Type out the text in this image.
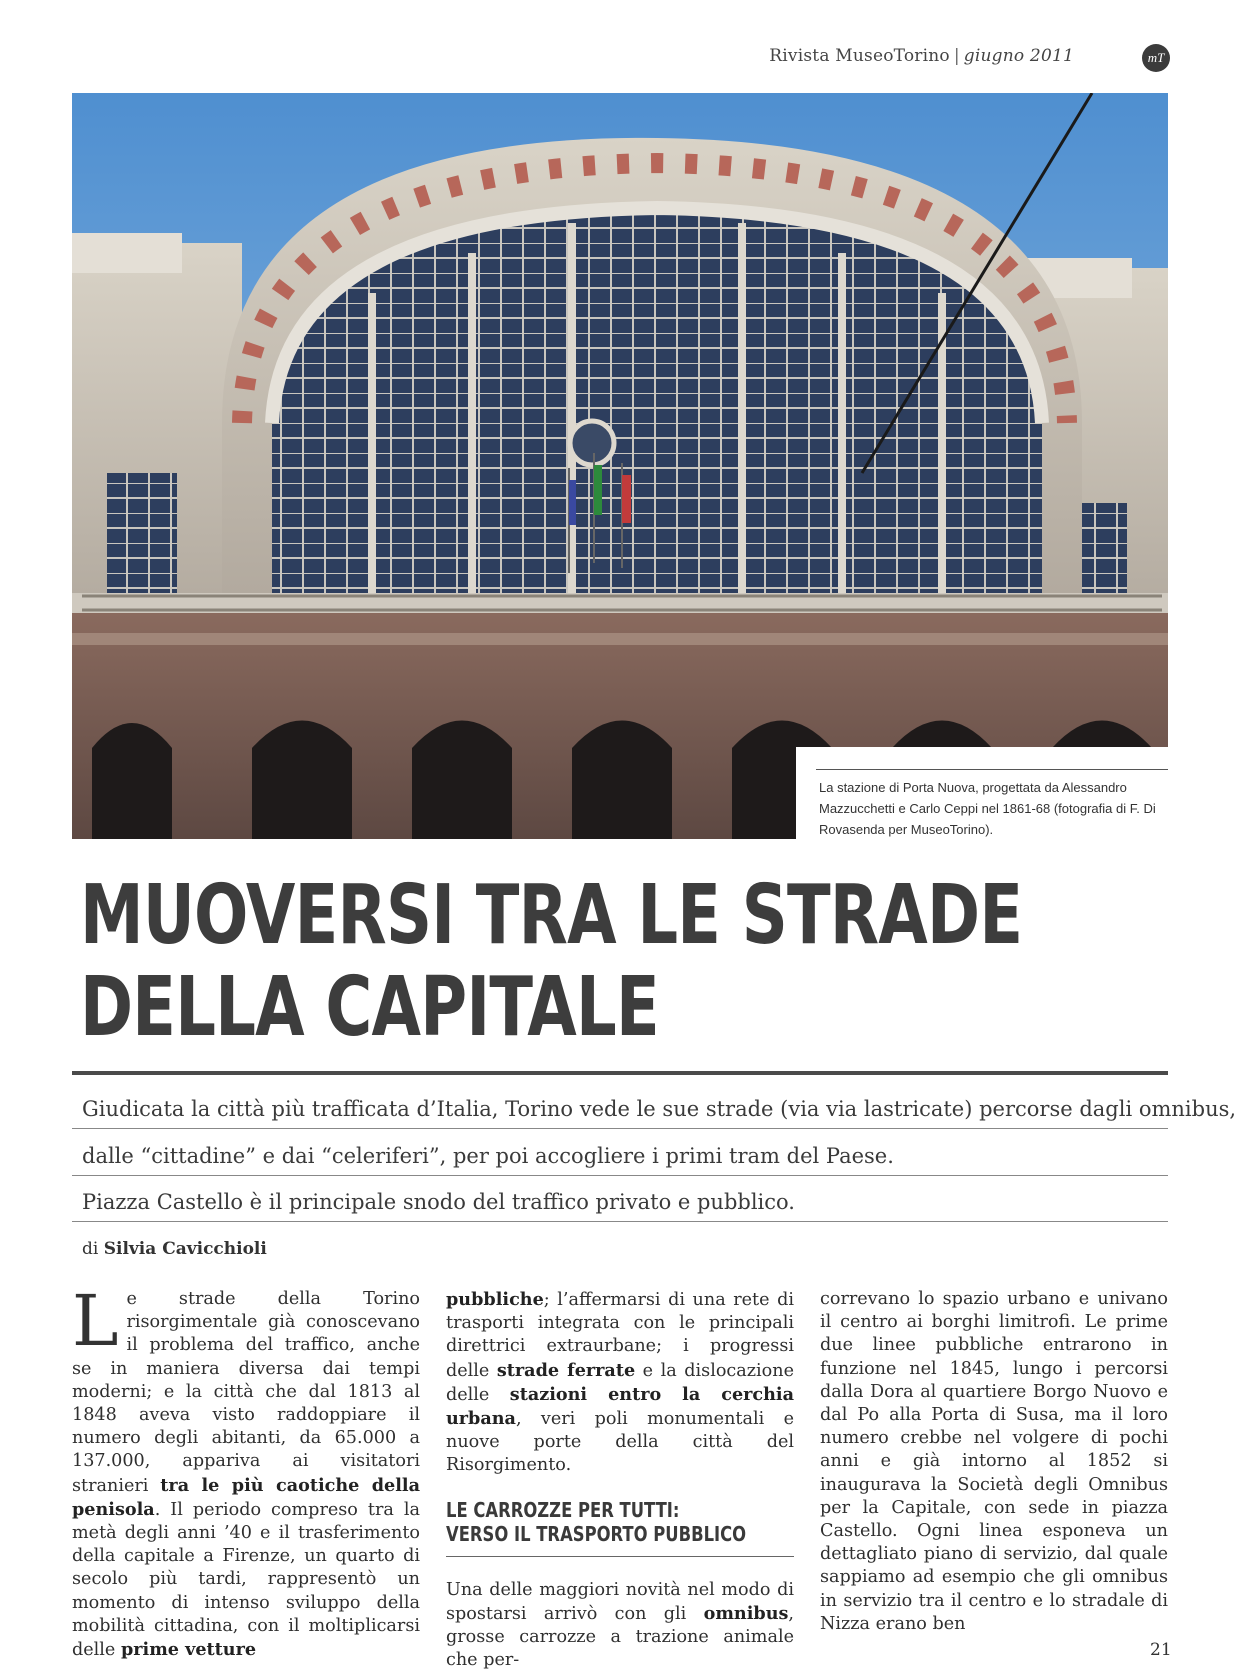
Rivista MuseoTorino | giugno 2011	mT
La stazione di Porta Nuova, progettata da Alessandro Mazzucchetti e Carlo Ceppi nel 1861-68 (fotografia di F. Di Rovasenda per MuseoTorino).
MUOVERSI TRA LE STRADE
DELLA CAPITALE
Giudicata la città più trafficata d’Italia, Torino vede le sue strade (via via lastricate) percorse dagli omnibus,
dalle “cittadine” e dai “celeriferi”, per poi accogliere i primi tram del Paese.
Piazza Castello è il principale snodo del traffico privato e pubblico.
di Silvia Cavicchioli

Le strade della Torino risorgimentale già conoscevano il problema del traffico, anche se in maniera diversa dai tempi moderni; e la città che dal 1813 al 1848 aveva visto raddoppiare il numero degli abitanti, da 65.000 a 137.000, appariva ai visitatori stranieri tra le più caotiche della penisola. Il periodo compreso tra la metà degli anni ’40 e il trasferimento della capitale a Firenze, un quarto di secolo più tardi, rappresentò un momento di intenso sviluppo della mobilità cittadina, con il moltiplicarsi delle prime vetture

pubbliche; l’affermarsi di una rete di trasporti integrata con le principali direttrici extraurbane; i progressi delle strade ferrate e la dislocazione delle stazioni entro la cerchia urbana, veri poli monumentali e nuove porte della città del Risorgimento.

LE CARROZZE PER TUTTI:
VERSO IL TRASPORTO PUBBLICO

Una delle maggiori novità nel modo di spostarsi arrivò con gli omnibus, grosse carrozze a trazione animale che per-

correvano lo spazio urbano e univano il centro ai borghi limitrofi. Le prime due linee pubbliche entrarono in funzione nel 1845, lungo i percorsi dalla Dora al quartiere Borgo Nuovo e dal Po alla Porta di Susa, ma il loro numero crebbe nel volgere di pochi anni e già intorno al 1852 si inaugurava la Società degli Omnibus per la Capitale, con sede in piazza Castello. Ogni linea esponeva un dettagliato piano di servizio, dal quale sappiamo ad esempio che gli omnibus in servizio tra il centro e lo stradale di Nizza erano ben

21
